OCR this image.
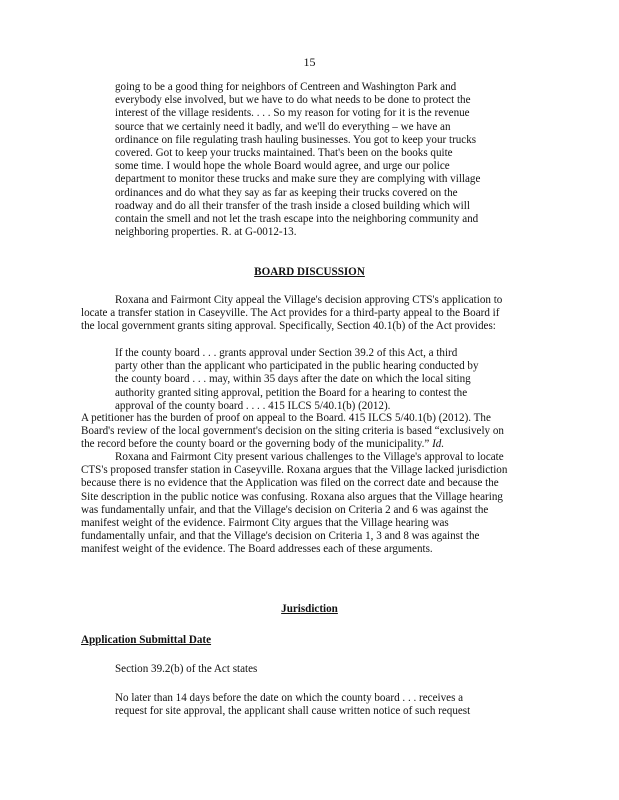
15
going to be a good thing for neighbors of Centreen and Washington Park and
everybody else involved, but we have to do what needs to be done to protect the
interest of the village residents. . . . So my reason for voting for it is the revenue
source that we certainly need it badly, and we'll do everything – we have an
ordinance on file regulating trash hauling businesses. You got to keep your trucks
covered. Got to keep your trucks maintained. That's been on the books quite
some time. I would hope the whole Board would agree, and urge our police
department to monitor these trucks and make sure they are complying with village
ordinances and do what they say as far as keeping their trucks covered on the
roadway and do all their transfer of the trash inside a closed building which will
contain the smell and not let the trash escape into the neighboring community and
neighboring properties. R. at G-0012-13.
BOARD DISCUSSION
Roxana and Fairmont City appeal the Village's decision approving CTS's application to
locate a transfer station in Caseyville. The Act provides for a third-party appeal to the Board if
the local government grants siting approval. Specifically, Section 40.1(b) of the Act provides:
If the county board . . . grants approval under Section 39.2 of this Act, a third
party other than the applicant who participated in the public hearing conducted by
the county board . . . may, within 35 days after the date on which the local siting
authority granted siting approval, petition the Board for a hearing to contest the
approval of the county board . . . . 415 ILCS 5/40.1(b) (2012).
A petitioner has the burden of proof on appeal to the Board. 415 ILCS 5/40.1(b) (2012). The
Board's review of the local government's decision on the siting criteria is based “exclusively on
the record before the county board or the governing body of the municipality.” Id.
Roxana and Fairmont City present various challenges to the Village's approval to locate
CTS's proposed transfer station in Caseyville. Roxana argues that the Village lacked jurisdiction
because there is no evidence that the Application was filed on the correct date and because the
Site description in the public notice was confusing. Roxana also argues that the Village hearing
was fundamentally unfair, and that the Village's decision on Criteria 2 and 6 was against the
manifest weight of the evidence. Fairmont City argues that the Village hearing was
fundamentally unfair, and that the Village's decision on Criteria 1, 3 and 8 was against the
manifest weight of the evidence. The Board addresses each of these arguments.
Jurisdiction
Application Submittal Date
Section 39.2(b) of the Act states
No later than 14 days before the date on which the county board . . . receives a
request for site approval, the applicant shall cause written notice of such request
